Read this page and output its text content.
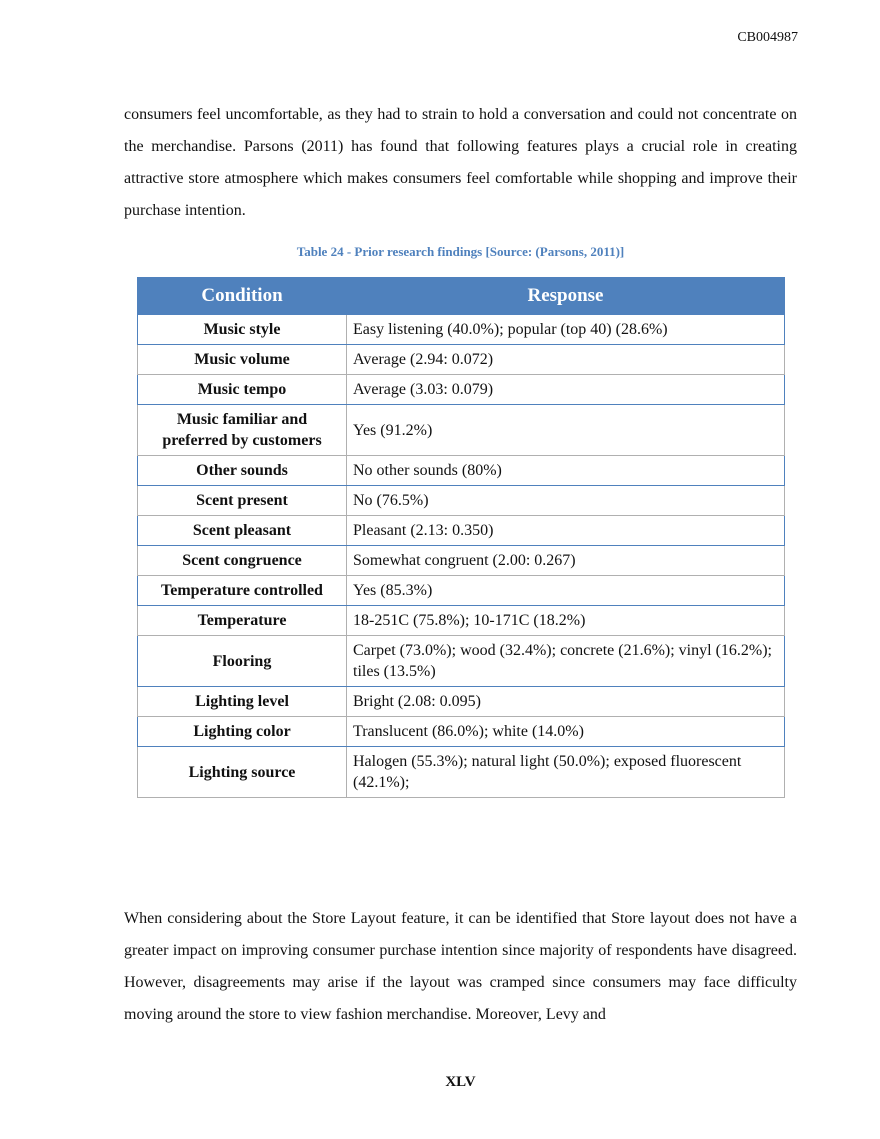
CB004987

consumers feel uncomfortable, as they had to strain to hold a conversation and could not concentrate on the merchandise. Parsons (2011) has found that following features plays a crucial role in creating attractive store atmosphere which makes consumers feel comfortable while shopping and improve their purchase intention.

Table 24 - Prior research findings [Source: (Parsons, 2011)]

Condition	Response
Music style	Easy listening (40.0%); popular (top 40) (28.6%)
Music volume	Average (2.94: 0.072)
Music tempo	Average (3.03: 0.079)
Music familiar and preferred by customers	Yes (91.2%)
Other sounds	No other sounds (80%)
Scent present	No (76.5%)
Scent pleasant	Pleasant (2.13: 0.350)
Scent congruence	Somewhat congruent (2.00: 0.267)
Temperature controlled	Yes (85.3%)
Temperature	18-251C (75.8%); 10-171C (18.2%)
Flooring	Carpet (73.0%); wood (32.4%); concrete (21.6%); vinyl (16.2%); tiles (13.5%)
Lighting level	Bright (2.08: 0.095)
Lighting color	Translucent (86.0%); white (14.0%)
Lighting source	Halogen (55.3%); natural light (50.0%); exposed fluorescent (42.1%);

When considering about the Store Layout feature, it can be identified that Store layout does not have a greater impact on improving consumer purchase intention since majority of respondents have disagreed. However, disagreements may arise if the layout was cramped since consumers may face difficulty moving around the store to view fashion merchandise. Moreover, Levy and

XLV
